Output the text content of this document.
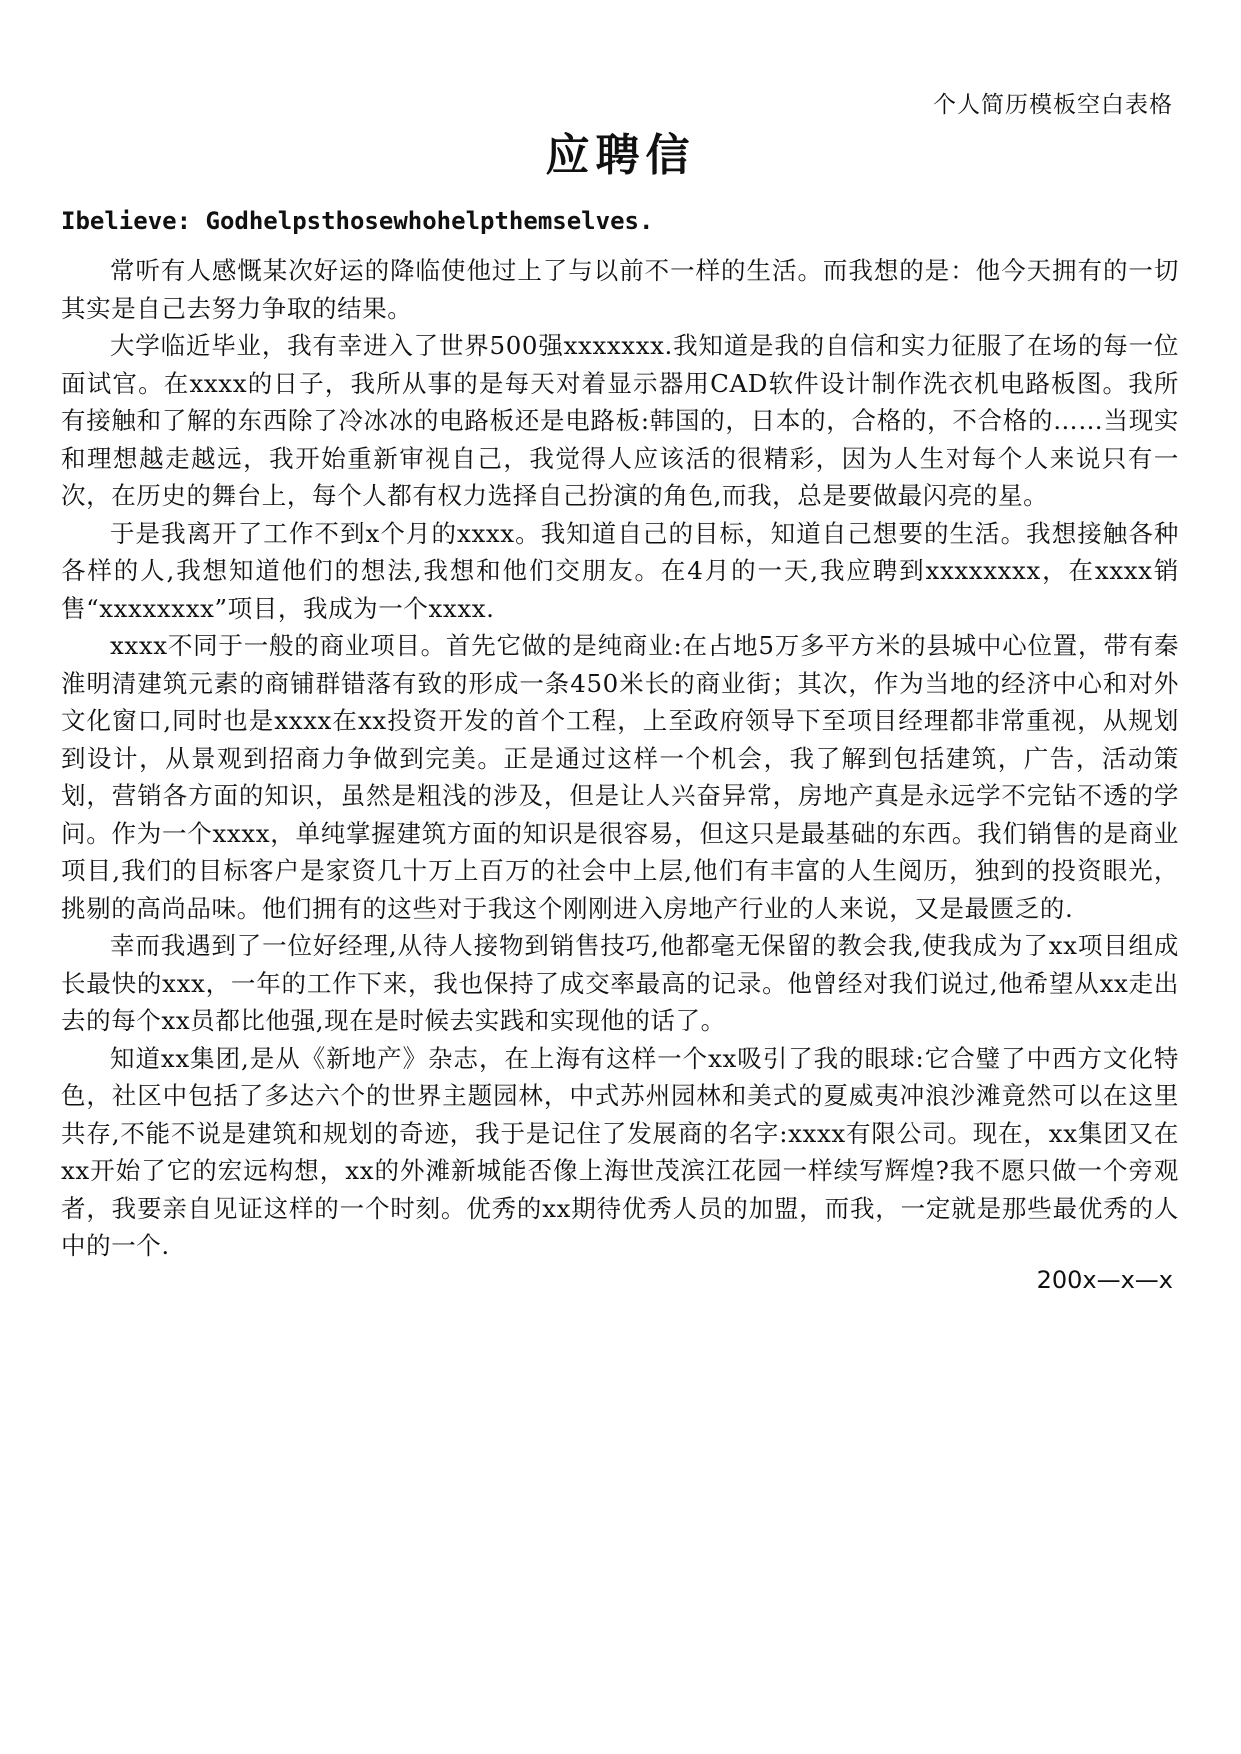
个人简历模板空白表格
应聘信
Ibelieve: Godhelpsthosewhohelpthemselves.

常听有人感慨某次好运的降临使他过上了与以前不一样的生活。而我想的是：他今天拥有的一切其实是自己去努力争取的结果。

大学临近毕业，我有幸进入了世界500强xxxxxxx.我知道是我的自信和实力征服了在场的每一位面试官。在xxxx的日子，我所从事的是每天对着显示器用CAD软件设计制作洗衣机电路板图。我所有接触和了解的东西除了冷冰冰的电路板还是电路板:韩国的，日本的，合格的，不合格的……当现实和理想越走越远，我开始重新审视自己，我觉得人应该活的很精彩，因为人生对每个人来说只有一次，在历史的舞台上，每个人都有权力选择自己扮演的角色,而我，总是要做最闪亮的星。

于是我离开了工作不到x个月的xxxx。我知道自己的目标，知道自己想要的生活。我想接触各种各样的人,我想知道他们的想法,我想和他们交朋友。在4月的一天,我应聘到xxxxxxxx，在xxxx销售“xxxxxxxx”项目，我成为一个xxxx.

xxxx不同于一般的商业项目。首先它做的是纯商业:在占地5万多平方米的县城中心位置，带有秦淮明清建筑元素的商铺群错落有致的形成一条450米长的商业街；其次，作为当地的经济中心和对外文化窗口,同时也是xxxx在xx投资开发的首个工程，上至政府领导下至项目经理都非常重视，从规划到设计，从景观到招商力争做到完美。正是通过这样一个机会，我了解到包括建筑，广告，活动策划，营销各方面的知识，虽然是粗浅的涉及，但是让人兴奋异常，房地产真是永远学不完钻不透的学问。作为一个xxxx，单纯掌握建筑方面的知识是很容易，但这只是最基础的东西。我们销售的是商业项目,我们的目标客户是家资几十万上百万的社会中上层,他们有丰富的人生阅历，独到的投资眼光，挑剔的高尚品味。他们拥有的这些对于我这个刚刚进入房地产行业的人来说，又是最匮乏的.

幸而我遇到了一位好经理,从待人接物到销售技巧,他都毫无保留的教会我,使我成为了xx项目组成长最快的xxx，一年的工作下来，我也保持了成交率最高的记录。他曾经对我们说过,他希望从xx走出去的每个xx员都比他强,现在是时候去实践和实现他的话了。

知道xx集团,是从《新地产》杂志，在上海有这样一个xx吸引了我的眼球:它合璧了中西方文化特色，社区中包括了多达六个的世界主题园林，中式苏州园林和美式的夏威夷冲浪沙滩竟然可以在这里共存,不能不说是建筑和规划的奇迹，我于是记住了发展商的名字:xxxx有限公司。现在，xx集团又在xx开始了它的宏远构想，xx的外滩新城能否像上海世茂滨江花园一样续写辉煌?我不愿只做一个旁观者，我要亲自见证这样的一个时刻。优秀的xx期待优秀人员的加盟，而我，一定就是那些最优秀的人中的一个.

200x—x—x
